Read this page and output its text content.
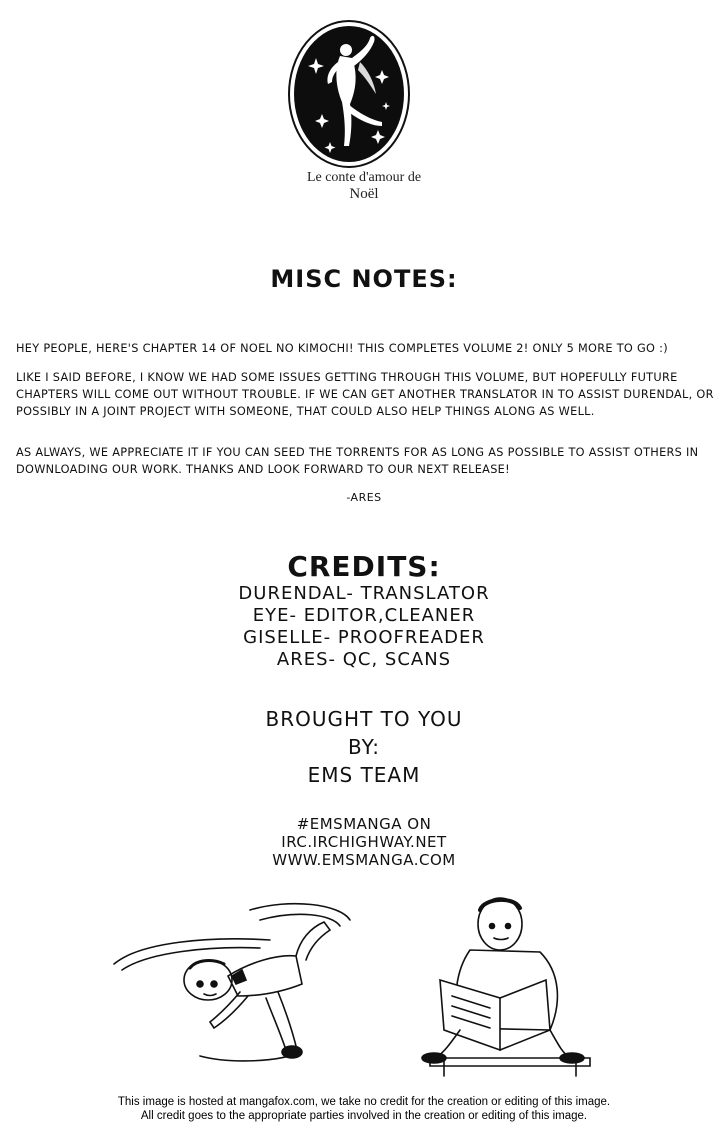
Le conte d'amour de
Noël
MISC NOTES:
HEY PEOPLE, HERE'S CHAPTER 14 OF NOEL NO KIMOCHI! THIS COMPLETES VOLUME 2! ONLY 5 MORE TO GO :)
LIKE I SAID BEFORE, I KNOW WE HAD SOME ISSUES GETTING THROUGH THIS VOLUME, BUT HOPEFULLY FUTURE CHAPTERS WILL COME OUT WITHOUT TROUBLE. IF WE CAN GET ANOTHER TRANSLATOR IN TO ASSIST DURENDAL, OR POSSIBLY IN A JOINT PROJECT WITH SOMEONE, THAT COULD ALSO HELP THINGS ALONG AS WELL.
AS ALWAYS, WE APPRECIATE IT IF YOU CAN SEED THE TORRENTS FOR AS LONG AS POSSIBLE TO ASSIST OTHERS IN DOWNLOADING OUR WORK. THANKS AND LOOK FORWARD TO OUR NEXT RELEASE!
-ARES
CREDITS:
DURENDAL- TRANSLATOR
EYE- EDITOR,CLEANER
GISELLE- PROOFREADER
ARES- QC, SCANS
BROUGHT TO YOU
BY:
EMS TEAM
#EMSMANGA ON
IRC.IRCHIGHWAY.NET
WWW.EMSMANGA.COM
This image is hosted at mangafox.com, we take no credit for the creation or editing of this image.
All credit goes to the appropriate parties involved in the creation or editing of this image.
